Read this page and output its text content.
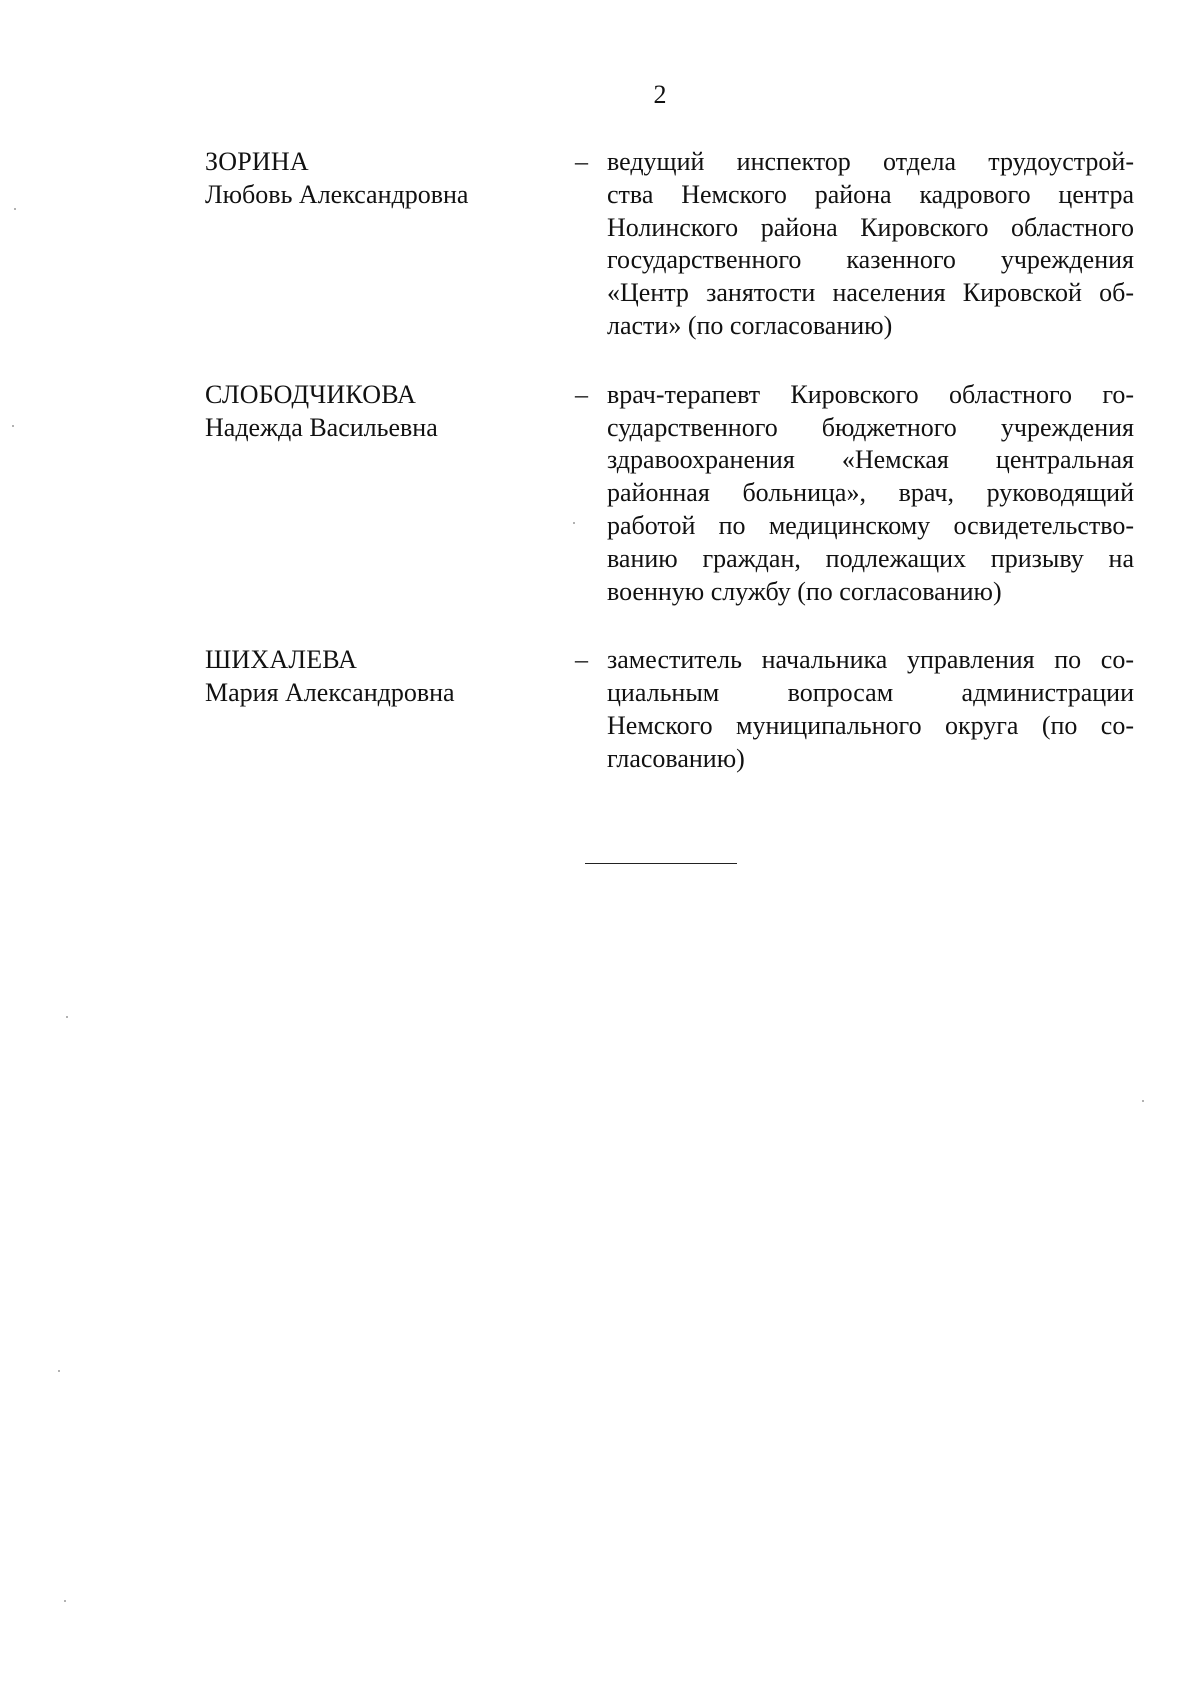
2
ЗОРИНА
Любовь Александровна
– ведущий инспектор отдела трудоустрой-
ства Немского района кадрового центра
Нолинского района Кировского областного
государственного казенного учреждения
«Центр занятости населения Кировской об-
ласти» (по согласованию)
СЛОБОДЧИКОВА
Надежда Васильевна
– врач-терапевт Кировского областного го-
сударственного бюджетного учреждения
здравоохранения «Немская центральная
районная больница», врач, руководящий
работой по медицинскому освидетельство-
ванию граждан, подлежащих призыву на
военную службу (по согласованию)
ШИХАЛЕВА
Мария Александровна
– заместитель начальника управления по со-
циальным вопросам администрации
Немского муниципального округа (по со-
гласованию)
